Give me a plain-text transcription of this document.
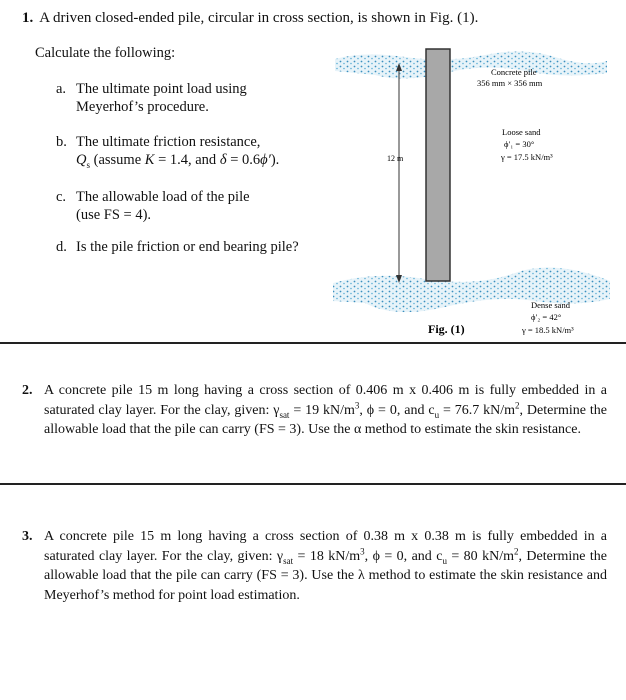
1. A driven closed-ended pile, circular in cross section, is shown in Fig. (1).
Calculate the following:
a. The ultimate point load using
Meyerhof’s procedure.
b. The ultimate friction resistance,
$Q_s$ (assume K = 1.4, and δ = 0.6ϕ′).
c. The allowable load of the pile
(use FS = 4).
d. Is the pile friction or end bearing pile?
Concrete pile
356 mm × 356 mm
12 m
Loose sand
ϕ′₁ = 30°
γ = 17.5 kN/m³
Dense sand
ϕ′₂ = 42°
γ = 18.5 kN/m³
Fig. (1)
2. A concrete pile 15 m long having a cross section of 0.406 m x 0.406 m is fully embedded in a saturated clay layer. For the clay, given: $\gamma_{sat} = 19$ $kN/m^3$, ϕ = 0, and $c_u = 76.7$ $kN/m^2$, Determine the allowable load that the pile can carry (FS = 3). Use the α method to estimate the skin resistance.
3. A concrete pile 15 m long having a cross section of 0.38 m x 0.38 m is fully embedded in a saturated clay layer. For the clay, given: $\gamma_{sat} = 18$ $kN/m^3$, ϕ = 0, and $c_u = 80$ $kN/m^2$, Determine the allowable load that the pile can carry (FS = 3). Use the λ method to estimate the skin resistance and Meyerhof’s method for point load estimation.
